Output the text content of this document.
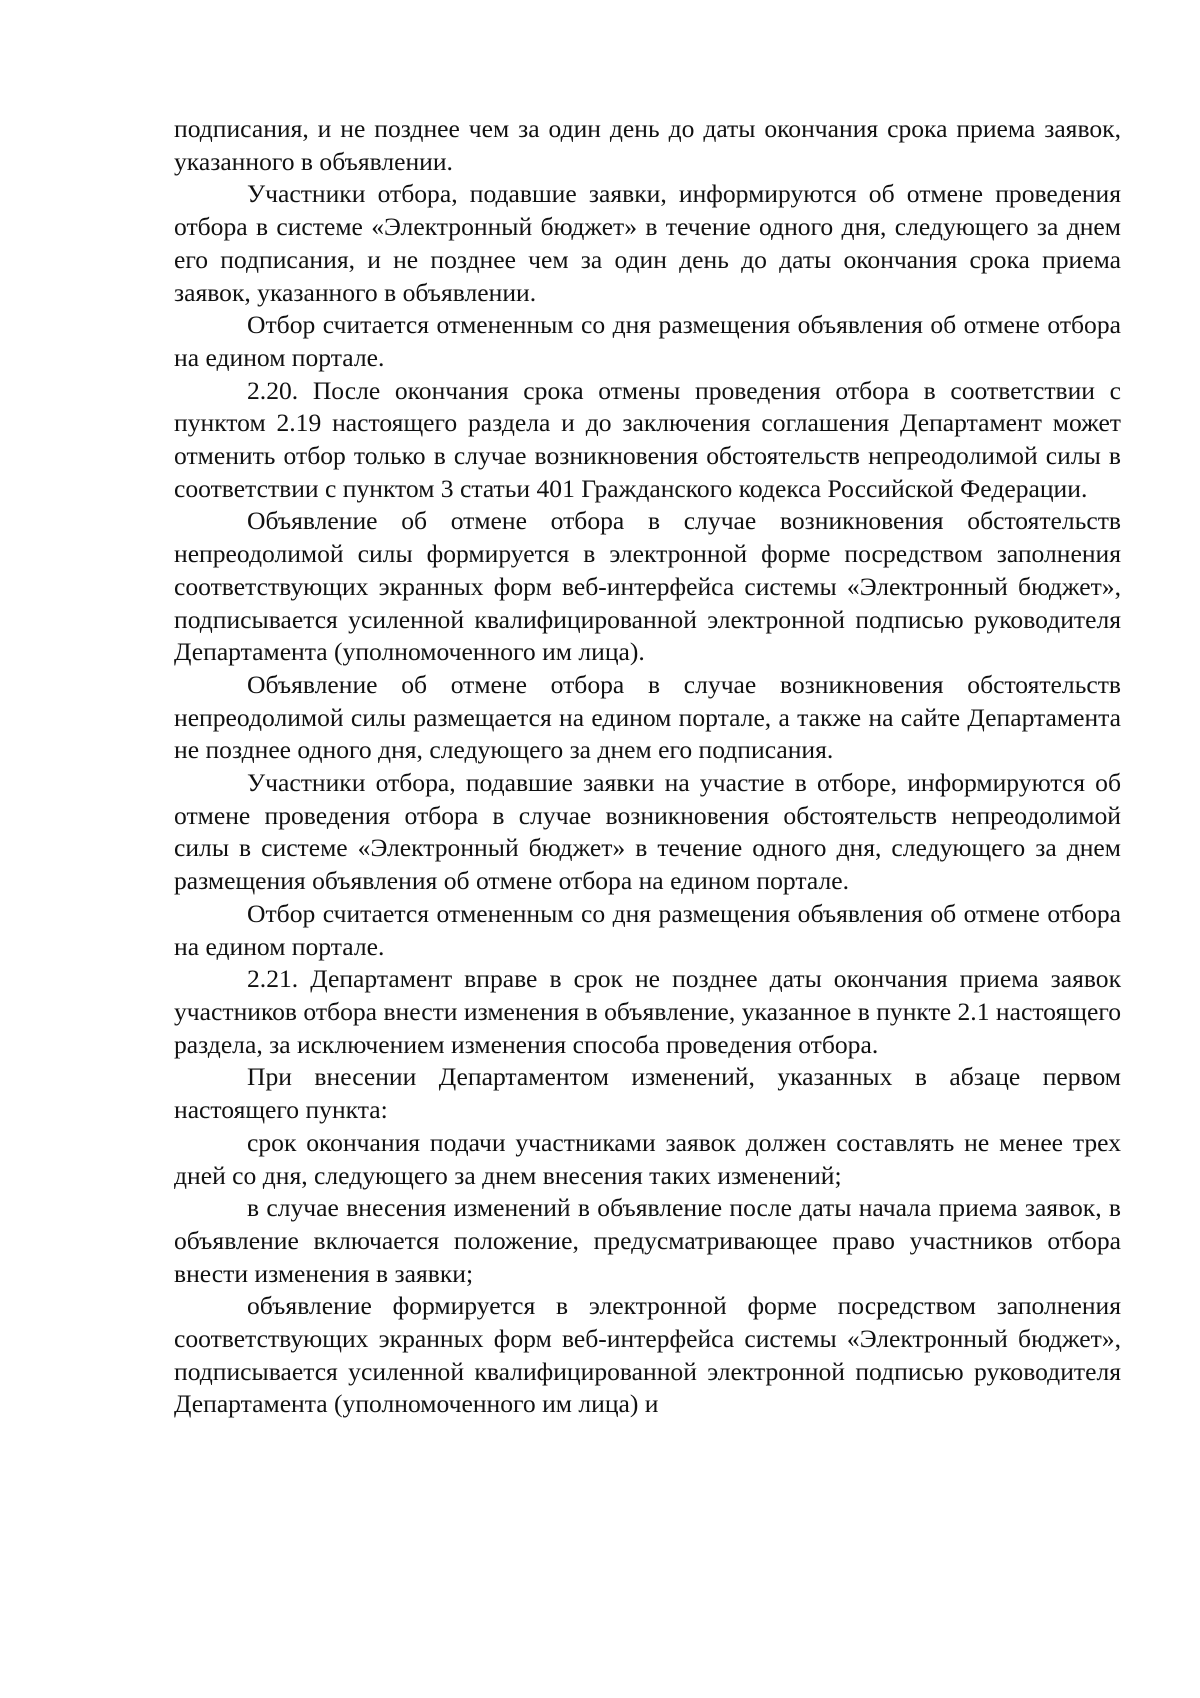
подписания, и не позднее чем за один день до даты окончания срока приема заявок, указанного в объявлении.

Участники отбора, подавшие заявки, информируются об отмене проведения отбора в системе «Электронный бюджет» в течение одного дня, следующего за днем его подписания, и не позднее чем за один день до даты окончания срока приема заявок, указанного в объявлении.

Отбор считается отмененным со дня размещения объявления об отмене отбора на едином портале.

2.20. После окончания срока отмены проведения отбора в соответствии с пунктом 2.19 настоящего раздела и до заключения соглашения Департамент может отменить отбор только в случае возникновения обстоятельств непреодолимой силы в соответствии с пунктом 3 статьи 401 Гражданского кодекса Российской Федерации.

Объявление об отмене отбора в случае возникновения обстоятельств непреодолимой силы формируется в электронной форме посредством заполнения соответствующих экранных форм веб-интерфейса системы «Электронный бюджет», подписывается усиленной квалифицированной электронной подписью руководителя Департамента (уполномоченного им лица).

Объявление об отмене отбора в случае возникновения обстоятельств непреодолимой силы размещается на едином портале, а также на сайте Департамента не позднее одного дня, следующего за днем его подписания.

Участники отбора, подавшие заявки на участие в отборе, информируются об отмене проведения отбора в случае возникновения обстоятельств непреодолимой силы в системе «Электронный бюджет» в течение одного дня, следующего за днем размещения объявления об отмене отбора на едином портале.

Отбор считается отмененным со дня размещения объявления об отмене отбора на едином портале.

2.21. Департамент вправе в срок не позднее даты окончания приема заявок участников отбора внести изменения в объявление, указанное в пункте 2.1 настоящего раздела, за исключением изменения способа проведения отбора.

При внесении Департаментом изменений, указанных в абзаце первом настоящего пункта:

срок окончания подачи участниками заявок должен составлять не менее трех дней со дня, следующего за днем внесения таких изменений;

в случае внесения изменений в объявление после даты начала приема заявок, в объявление включается положение, предусматривающее право участников отбора внести изменения в заявки;

объявление формируется в электронной форме посредством заполнения соответствующих экранных форм веб-интерфейса системы «Электронный бюджет», подписывается усиленной квалифицированной электронной подписью руководителя Департамента (уполномоченного им лица) и
